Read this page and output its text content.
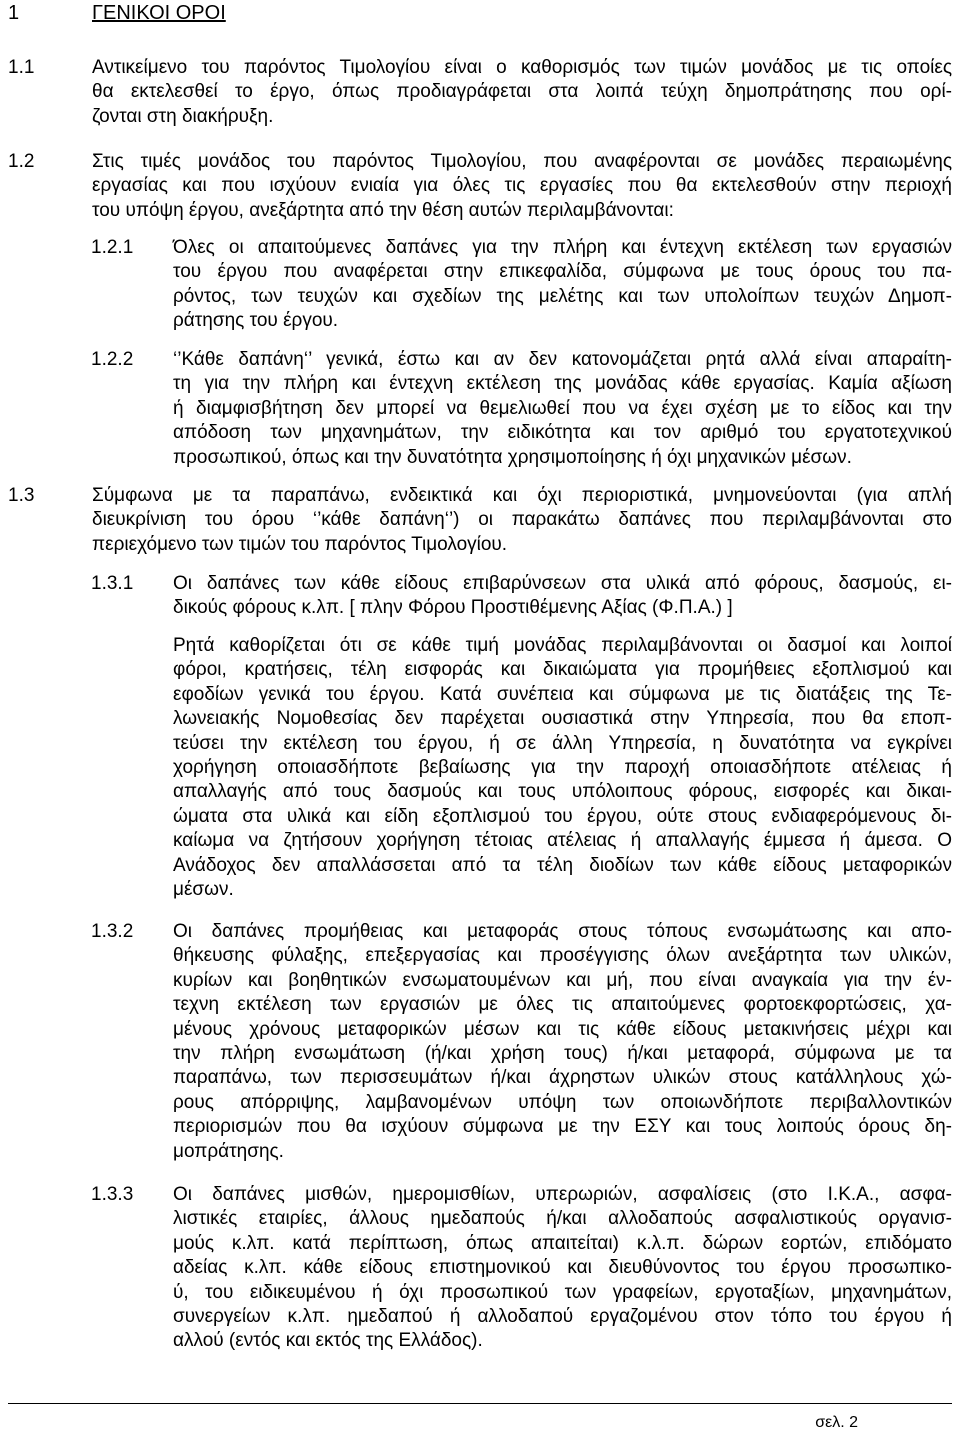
1	ΓΕΝΙΚΟΙ ΟΡΟΙ
1.1	Αντικείμενο του παρόντος Τιμολογίου είναι ο καθορισμός των τιμών μονάδος με τις οποίες
θα εκτελεσθεί το έργο, όπως προδιαγράφεται στα λοιπά τεύχη δημοπράτησης που ορί-
ζονται στη διακήρυξη.
1.2	Στις τιμές μονάδος του παρόντος Τιμολογίου, που αναφέρονται σε μονάδες περαιωμένης
εργασίας και που ισχύουν ενιαία για όλες τις εργασίες που θα εκτελεσθούν στην περιοχή
του υπόψη έργου, ανεξάρτητα από την θέση αυτών περιλαμβάνονται:
1.2.1 Όλες οι απαιτούμενες δαπάνες για την πλήρη και έντεχνη εκτέλεση των εργασιών
του έργου που αναφέρεται στην επικεφαλίδα, σύμφωνα με τους όρους του πα-
ρόντος, των τευχών και σχεδίων της μελέτης και των υπολοίπων τευχών Δημοπ-
ράτησης του έργου.
1.2.2 ‘’Κάθε δαπάνη‘’ γενικά, έστω και αν δεν κατονομάζεται ρητά αλλά είναι απαραίτη-
τη για την πλήρη και έντεχνη εκτέλεση της μονάδας κάθε εργασίας. Καμία αξίωση
ή διαμφισβήτηση δεν μπορεί να θεμελιωθεί που να έχει σχέση με το είδος και την
απόδοση των μηχανημάτων, την ειδικότητα και τον αριθμό του εργατοτεχνικού
προσωπικού, όπως και την δυνατότητα χρησιμοποίησης ή όχι μηχανικών μέσων.
1.3	Σύμφωνα με τα παραπάνω, ενδεικτικά και όχι περιοριστικά, μνημονεύονται (για απλή
διευκρίνιση του όρου ‘’κάθε δαπάνη‘’) οι παρακάτω δαπάνες που περιλαμβάνονται στο
περιεχόμενο των τιμών του παρόντος Τιμολογίου.
1.3.1 Οι δαπάνες των κάθε είδους επιβαρύνσεων στα υλικά από φόρους, δασμούς, ει-
δικούς φόρους κ.λπ. [ πλην Φόρου Προστιθέμενης Αξίας (Φ.Π.Α.) ]
Ρητά καθορίζεται ότι σε κάθε τιμή μονάδας περιλαμβάνονται οι δασμοί και λοιποί
φόροι, κρατήσεις, τέλη εισφοράς και δικαιώματα για προμήθειες εξοπλισμού και
εφοδίων γενικά του έργου. Κατά συνέπεια και σύμφωνα με τις διατάξεις της Τε-
λωνειακής Νομοθεσίας δεν παρέχεται ουσιαστικά στην Υπηρεσία, που θα εποπ-
τεύσει την εκτέλεση του έργου, ή σε άλλη Υπηρεσία, η δυνατότητα να εγκρίνει
χορήγηση οποιασδήποτε βεβαίωσης για την παροχή οποιασδήποτε ατέλειας ή
απαλλαγής από τους δασμούς και τους υπόλοιπους φόρους, εισφορές και δικαι-
ώματα στα υλικά και είδη εξοπλισμού του έργου, ούτε στους ενδιαφερόμενους δι-
καίωμα να ζητήσουν χορήγηση τέτοιας ατέλειας ή απαλλαγής έμμεσα ή άμεσα. Ο
Ανάδοχος δεν απαλλάσσεται από τα τέλη διοδίων των κάθε είδους μεταφορικών
μέσων.
1.3.2 Οι δαπάνες προμήθειας και μεταφοράς στους τόπους ενσωμάτωσης και απο-
θήκευσης φύλαξης, επεξεργασίας και προσέγγισης όλων ανεξάρτητα των υλικών,
κυρίων και βοηθητικών ενσωματουμένων και μή, που είναι αναγκαία για την έν-
τεχνη εκτέλεση των εργασιών με όλες τις απαιτούμενες φορτοεκφορτώσεις, χα-
μένους χρόνους μεταφορικών μέσων και τις κάθε είδους μετακινήσεις μέχρι και
την πλήρη ενσωμάτωση (ή/και χρήση τους) ή/και μεταφορά, σύμφωνα με τα
παραπάνω, των περισσευμάτων ή/και άχρηστων υλικών στους κατάλληλους χώ-
ρους απόρριψης, λαμβανομένων υπόψη των οποιωνδήποτε περιβαλλοντικών
περιορισμών που θα ισχύουν σύμφωνα με την ΕΣΥ και τους λοιπούς όρους δη-
μοπράτησης.
1.3.3 Οι δαπάνες μισθών, ημερομισθίων, υπερωριών, ασφαλίσεις (στο Ι.Κ.Α., ασφα-
λιστικές εταιρίες, άλλους ημεδαπούς ή/και αλλοδαπούς ασφαλιστικούς οργανισ-
μούς κ.λπ. κατά περίπτωση, όπως απαιτείται) κ.λ.π. δώρων εορτών, επιδόματο
αδείας κ.λπ. κάθε είδους επιστημονικού και διευθύνοντος του έργου προσωπικο-
ύ, του ειδικευμένου ή όχι προσωπικού των γραφείων, εργοταξίων, μηχανημάτων,
συνεργείων κ.λπ. ημεδαπού ή αλλοδαπού εργαζομένου στον τόπο του έργου ή
αλλού (εντός και εκτός της Ελλάδος).
σελ. 2
